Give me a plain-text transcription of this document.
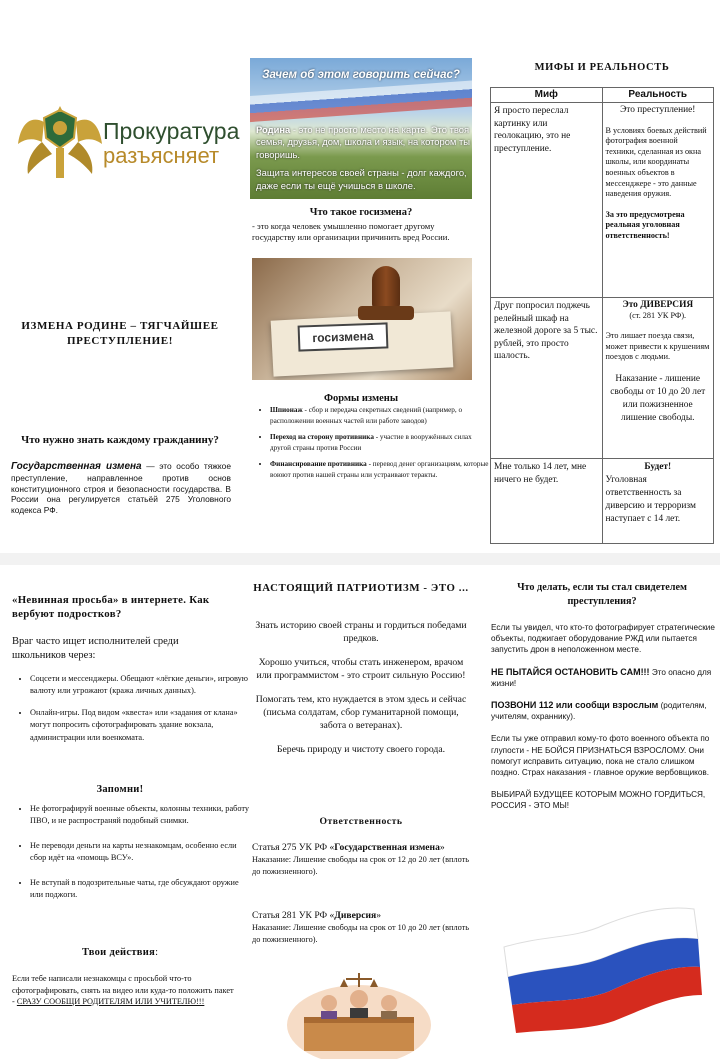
Прокуратура
разъясняет
ИЗМЕНА РОДИНЕ – ТЯГЧАЙШЕЕ ПРЕСТУПЛЕНИЕ!
Что нужно знать каждому гражданину?
Государственная измена — это особо тяжкое преступление, направленное против основ конституционного строя и безопасности государства. В России она регулируется статьёй 275 Уголовного кодекса РФ.
Зачем об этом говорить сейчас?
Родина - это не просто место на карте. Это твоя семья, друзья, дом, школа и язык, на котором ты говоришь.
Защита интересов своей страны - долг каждого, даже если ты ещё учишься в школе.
Что такое госизмена?
- это когда человек умышленно помогает другому государству или организации причинить вред России.
госизмена
Формы измены
• Шпионаж - сбор и передача секретных сведений (например, о расположении военных частей или работе заводов)
• Переход на сторону противника - участие в вооружённых силах другой страны против России
• Финансирование противника - перевод денег организациям, которые воюют против нашей страны или устраивают теракты.
МИФЫ И РЕАЛЬНОСТЬ
Миф	Реальность
Я просто переслал картинку или геолокацию, это не преступление.	Это преступление!
В условиях боевых действий фотография военной техники, сделанная из окна школы, или координаты военных объектов в мессенджере - это данные наведения оружия.
За это предусмотрена реальная уголовная ответственность!

Друг попросил поджечь релейный шкаф на железной дороге за 5 тыс. рублей, это просто шалость.	Это ДИВЕРСИЯ
(ст. 281 УК РФ).
Это лишает поезда связи, может привести к крушениям поездов с людьми.
Наказание - лишение свободы от 10 до 20 лет или пожизненное лишение свободы.

Мне только 14 лет, мне ничего не будет.	Будет!
Уголовная ответственность за диверсию и терроризм наступает с 14 лет.
«Невинная просьба» в интернете. Как вербуют подростков?
Враг часто ищет исполнителей среди школьников через:
• Соцсети и мессенджеры. Обещают «лёгкие деньги», игровую валюту или угрожают (кража личных данных).
• Онлайн-игры. Под видом «квеста» или «задания от клана» могут попросить сфотографировать здание вокзала, администрации или военкомата.
Запомни!
• Не фотографируй военные объекты, колонны техники, работу ПВО, и не распространяй подобный снимки.
• Не переводи деньги на карты незнакомцам, особенно если сбор идёт на «помощь ВСУ».
• Не вступай в подозрительные чаты, где обсуждают оружие или поджоги.
Твои действия:
Если тебе написали незнакомцы с просьбой что-то сфотографировать, снять на видео или куда-то положить пакет - СРАЗУ СООБЩИ РОДИТЕЛЯМ ИЛИ УЧИТЕЛЮ!!!
НАСТОЯЩИЙ ПАТРИОТИЗМ - ЭТО ...

Знать историю своей страны и гордиться победами предков.

Хорошо учиться, чтобы стать инженером, врачом или программистом - это строит сильную Россию!

Помогать тем, кто нуждается в этом здесь и сейчас (письма солдатам, сбор гуманитарной помощи, забота о ветеранах).

Беречь природу и чистоту своего города.

Ответственность
Статья 275 УК РФ «Государственная измена»
Наказание: Лишение свободы на срок от 12 до 20 лет (вплоть до пожизненного).
Статья 281 УК РФ «Диверсия»
Наказание: Лишение свободы на срок от 10 до 20 лет (вплоть до пожизненного).
Что делать, если ты стал свидетелем преступления?

Если ты увидел, что кто-то фотографирует стратегические объекты, поджигает оборудование РЖД или пытается запустить дрон в неположенном месте.

НЕ ПЫТАЙСЯ ОСТАНОВИТЬ САМ!!! Это опасно для жизни!

ПОЗВОНИ 112 или сообщи взрослым (родителям, учителям, охраннику).

Если ты уже отправил кому-то фото военного объекта по глупости - НЕ БОЙСЯ ПРИЗНАТЬСЯ ВЗРОСЛОМУ. Они помогут исправить ситуацию, пока не стало слишком поздно. Страх наказания - главное оружие вербовщиков.

ВЫБИРАЙ БУДУЩЕЕ КОТОРЫМ МОЖНО ГОРДИТЬСЯ, РОССИЯ - ЭТО МЫ!
